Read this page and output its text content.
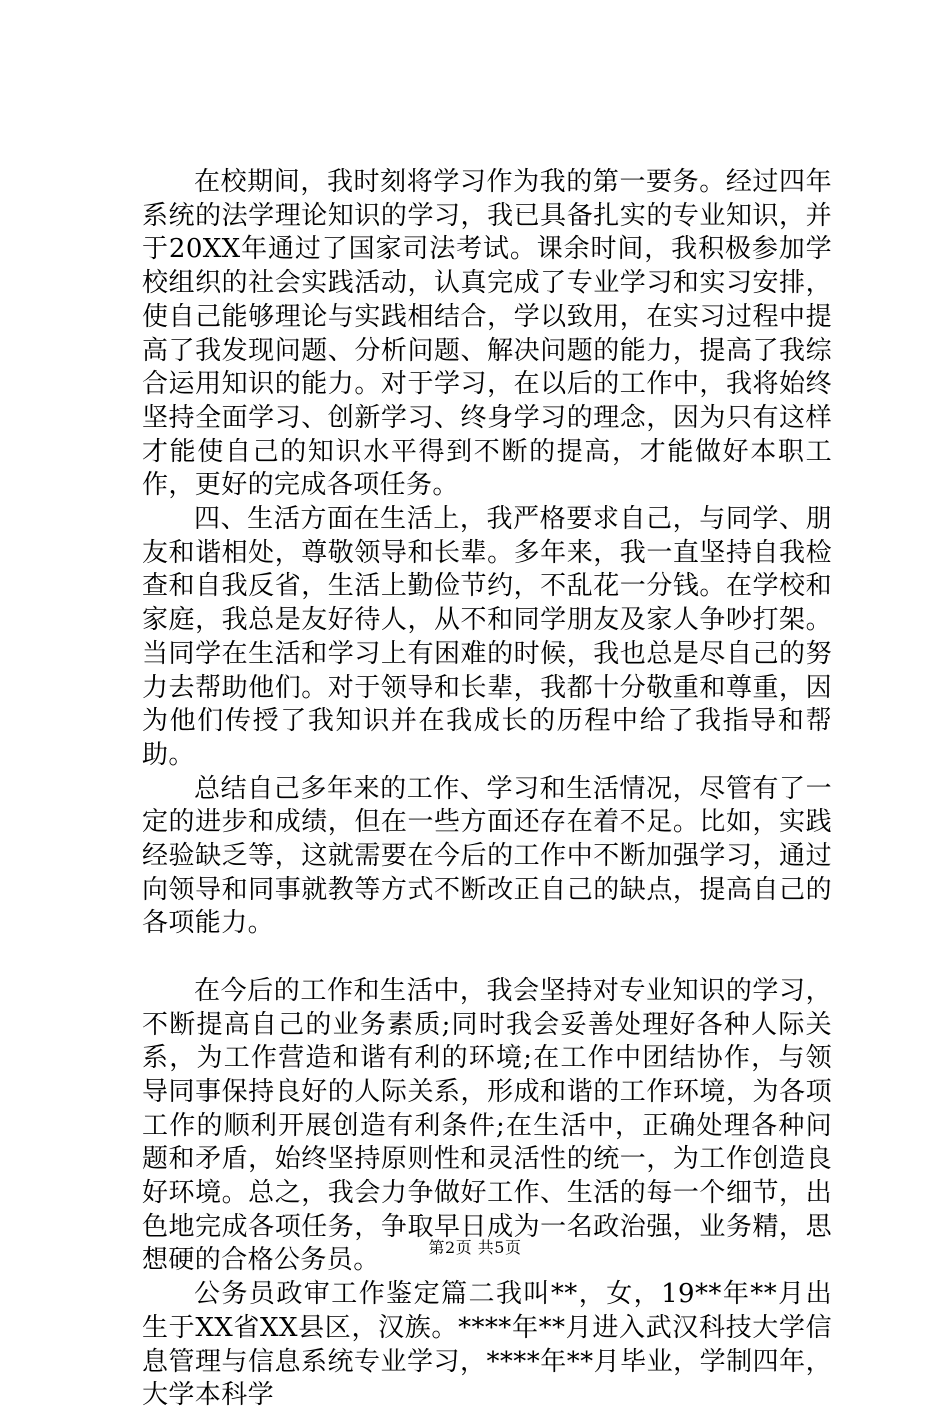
在校期间，我时刻将学习作为我的第一要务。经过四年系统的法学理论知识的学习，我已具备扎实的专业知识，并于20XX年通过了国家司法考试。课余时间，我积极参加学校组织的社会实践活动，认真完成了专业学习和实习安排，使自己能够理论与实践相结合，学以致用，在实习过程中提高了我发现问题、分析问题、解决问题的能力，提高了我综合运用知识的能力。对于学习，在以后的工作中，我将始终坚持全面学习、创新学习、终身学习的理念，因为只有这样才能使自己的知识水平得到不断的提高，才能做好本职工作，更好的完成各项任务。

四、生活方面在生活上，我严格要求自己，与同学、朋友和谐相处，尊敬领导和长辈。多年来，我一直坚持自我检查和自我反省，生活上勤俭节约，不乱花一分钱。在学校和家庭，我总是友好待人，从不和同学朋友及家人争吵打架。当同学在生活和学习上有困难的时候，我也总是尽自己的努力去帮助他们。对于领导和长辈，我都十分敬重和尊重，因为他们传授了我知识并在我成长的历程中给了我指导和帮助。

总结自己多年来的工作、学习和生活情况，尽管有了一定的进步和成绩，但在一些方面还存在着不足。比如，实践经验缺乏等，这就需要在今后的工作中不断加强学习，通过向领导和同事就教等方式不断改正自己的缺点，提高自己的各项能力。

在今后的工作和生活中，我会坚持对专业知识的学习，不断提高自己的业务素质;同时我会妥善处理好各种人际关系，为工作营造和谐有利的环境;在工作中团结协作，与领导同事保持良好的人际关系，形成和谐的工作环境，为各项工作的顺利开展创造有利条件;在生活中，正确处理各种问题和矛盾，始终坚持原则性和灵活性的统一，为工作创造良好环境。总之，我会力争做好工作、生活的每一个细节，出色地完成各项任务，争取早日成为一名政治强，业务精，思想硬的合格公务员。

公务员政审工作鉴定篇二我叫**，女，19**年**月出生于XX省XX县区，汉族。****年**月进入武汉科技大学信息管理与信息系统专业学习，****年**月毕业，学制四年，大学本科学

第2页 共5页
